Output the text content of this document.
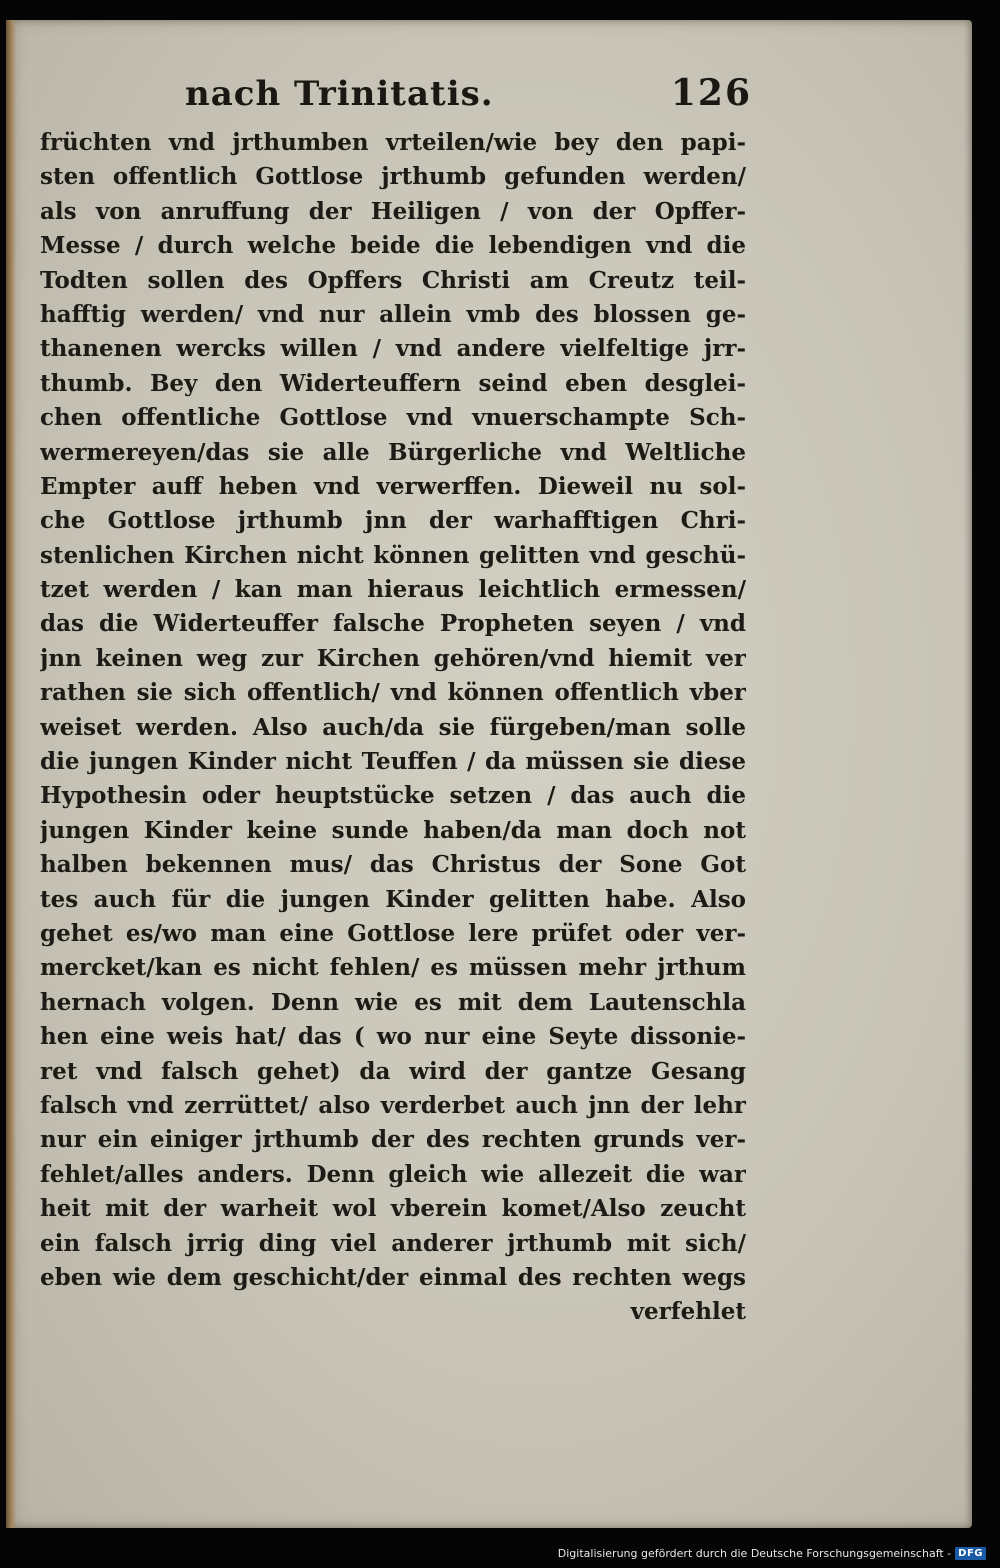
nach Trinitatis.	126
früchten vnd jrthumben vrteilen/wie bey den papi-
sten offentlich Gottlose jrthumb gefunden werden/
als von anruffung der Heiligen / von der Opffer-
Messe / durch welche beide die lebendigen vnd die
Todten sollen des Opffers Christi am Creutz teil-
hafftig werden/ vnd nur allein vmb des blossen ge-
thanenen wercks willen / vnd andere vielfeltige jrr-
thumb. Bey den Widerteuffern seind eben desglei-
chen offentliche Gottlose vnd vnuerschampte Sch-
wermereyen/das sie alle Bürgerliche vnd Weltliche
Empter auff heben vnd verwerffen. Dieweil nu sol-
che Gottlose jrthumb jnn der warhafftigen Chri-
stenlichen Kirchen nicht können gelitten vnd geschü-
tzet werden / kan man hieraus leichtlich ermessen/
das die Widerteuffer falsche Propheten seyen / vnd
jnn keinen weg zur Kirchen gehören/vnd hiemit ver
rathen sie sich offentlich/ vnd können offentlich vber
weiset werden. Also auch/da sie fürgeben/man solle
die jungen Kinder nicht Teuffen / da müssen sie diese
Hypothesin oder heuptstücke setzen / das auch die
jungen Kinder keine sunde haben/da man doch not
halben bekennen mus/ das Christus der Sone Got
tes auch für die jungen Kinder gelitten habe. Also
gehet es/wo man eine Gottlose lere prüfet oder ver-
mercket/kan es nicht fehlen/ es müssen mehr jrthum
hernach volgen. Denn wie es mit dem Lautenschla
hen eine weis hat/ das ( wo nur eine Seyte dissonie-
ret vnd falsch gehet) da wird der gantze Gesang
falsch vnd zerrüttet/ also verderbet auch jnn der lehr
nur ein einiger jrthumb der des rechten grunds ver-
fehlet/alles anders. Denn gleich wie allezeit die war
heit mit der warheit wol vberein komet/Also zeucht
ein falsch jrrig ding viel anderer jrthumb mit sich/
eben wie dem geschicht/der einmal des rechten wegs
verfehlet
Digitalisierung gefördert durch die Deutsche Forschungsgemeinschaft - DFG
